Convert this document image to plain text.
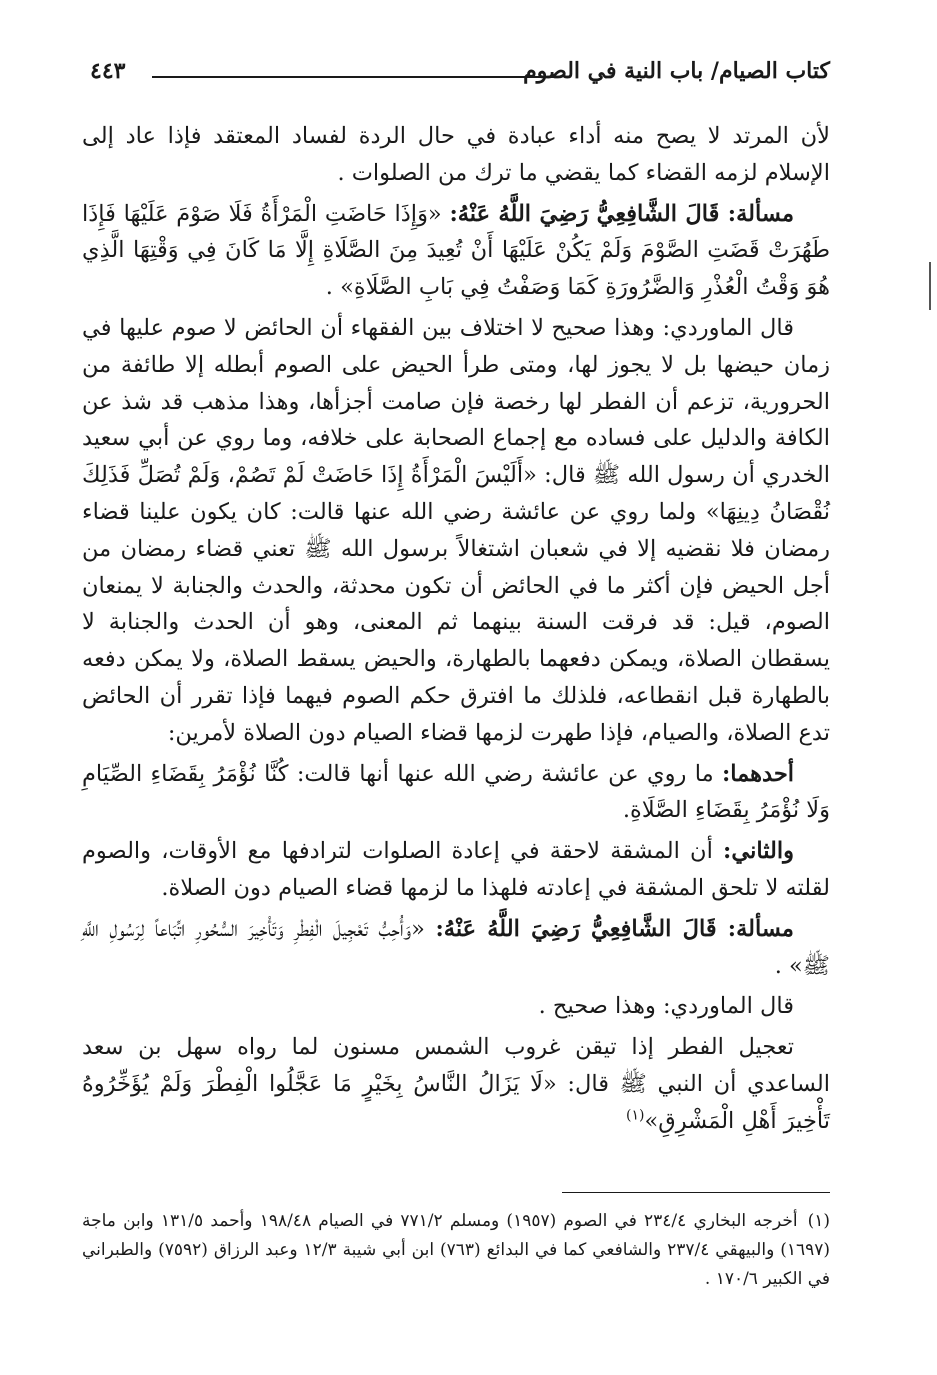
كتاب الصيام/ باب النية في الصوم
٤٤٣

لأن المرتد لا يصح منه أداء عبادة في حال الردة لفساد المعتقد فإذا عاد إلى الإسلام لزمه القضاء كما يقضي ما ترك من الصلوات .

مسألة: قَالَ الشَّافِعِيُّ رَضِيَ اللَّهُ عَنْهُ: «وَإِذَا حَاضَتِ الْمَرْأَةُ فَلَا صَوْمَ عَلَيْهَا فَإِذَا طَهُرَتْ قَضَتِ الصَّوْمَ وَلَمْ يَكُنْ عَلَيْهَا أَنْ تُعِيدَ مِنَ الصَّلَاةِ إِلَّا مَا كَانَ فِي وَقْتِهَا الَّذِي هُوَ وَقْتُ الْعُذْرِ وَالضَّرُورَةِ كَمَا وَصَفْتُ فِي بَابِ الصَّلَاةِ» .

قال الماوردي: وهذا صحيح لا اختلاف بين الفقهاء أن الحائض لا صوم عليها في زمان حيضها بل لا يجوز لها، ومتى طرأ الحيض على الصوم أبطله إلا طائفة من الحرورية، تزعم أن الفطر لها رخصة فإن صامت أجزأها، وهذا مذهب قد شذ عن الكافة والدليل على فساده مع إجماع الصحابة على خلافه، وما روي عن أبي سعيد الخدري أن رسول الله ﷺ قال: «أَلَيْسَ الْمَرْأَةُ إِذَا حَاضَتْ لَمْ تَصُمْ، وَلَمْ تُصَلِّ فَذَلِكَ نُقْصَانُ دِينِهَا» ولما روي عن عائشة رضي الله عنها قالت: كان يكون علينا قضاء رمضان فلا نقضيه إلا في شعبان اشتغالاً برسول الله ﷺ تعني قضاء رمضان من أجل الحيض فإن أكثر ما في الحائض أن تكون محدثة، والحدث والجنابة لا يمنعان الصوم، قيل: قد فرقت السنة بينهما ثم المعنى، وهو أن الحدث والجنابة لا يسقطان الصلاة، ويمكن دفعهما بالطهارة، والحيض يسقط الصلاة، ولا يمكن دفعه بالطهارة قبل انقطاعه، فلذلك ما افترق حكم الصوم فيهما فإذا تقرر أن الحائض تدع الصلاة، والصيام، فإذا طهرت لزمها قضاء الصيام دون الصلاة لأمرين:

أحدهما: ما روي عن عائشة رضي الله عنها أنها قالت: كُنَّا نُؤْمَرُ بِقَضَاءِ الصِّيَامِ وَلَا نُؤْمَرُ بِقَضَاءِ الصَّلَاةِ.

والثاني: أن المشقة لاحقة في إعادة الصلوات لترادفها مع الأوقات، والصوم لقلته لا تلحق المشقة في إعادته فلهذا ما لزمها قضاء الصيام دون الصلاة.

مسألة: قَالَ الشَّافِعِيُّ رَضِيَ اللَّهُ عَنْهُ: «وَأُحِبُّ تَعْجِيلَ الْفِطْرِ وَتَأْخِيرَ السُّحُورِ اتِّبَاعاً لِرَسُولِ اللَّهِ ﷺ» .

قال الماوردي: وهذا صحيح .

تعجيل الفطر إذا تيقن غروب الشمس مسنون لما رواه سهل بن سعد الساعدي أن النبي ﷺ قال: «لَا يَزَالُ النَّاسُ بِخَيْرٍ مَا عَجَّلُوا الْفِطْرَ وَلَمْ يُؤَخِّرُوهُ تَأْخِيرَ أَهْلِ الْمَشْرِقِ»$^{(١)}$

(١)أخرجه البخاري ٢٣٤/٤ في الصوم (١٩٥٧) ومسلم ٧٧١/٢ في الصيام ١٩٨/٤٨ وأحمد ١٣١/٥ وابن ماجة (١٦٩٧) والبيهقي ٢٣٧/٤ والشافعي كما في البدائع (٧٦٣) ابن أبي شيبة ١٢/٣ وعبد الرزاق (٧٥٩٢) والطبراني في الكبير ١٧٠/٦ .
